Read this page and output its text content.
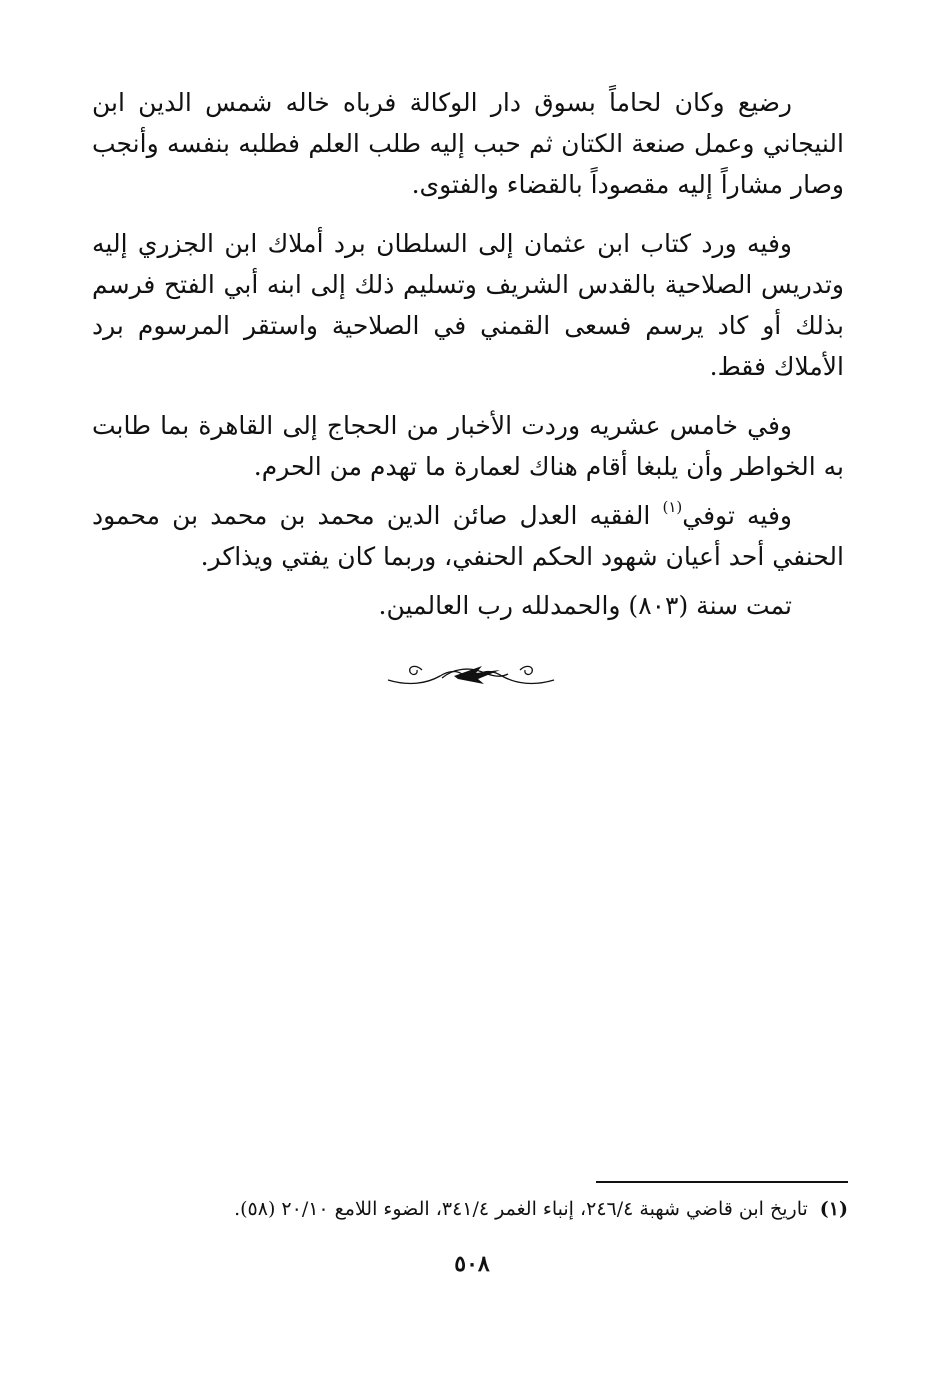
رضيع وكان لحاماً بسوق دار الوكالة فرباه خاله شمس الدين ابن النيجاني وعمل صنعة الكتان ثم حبب إليه طلب العلم فطلبه بنفسه وأنجب وصار مشاراً إليه مقصوداً بالقضاء والفتوى.

وفيه ورد كتاب ابن عثمان إلى السلطان برد أملاك ابن الجزري إليه وتدريس الصلاحية بالقدس الشريف وتسليم ذلك إلى ابنه أبي الفتح فرسم بذلك أو كاد يرسم فسعى القمني في الصلاحية واستقر المرسوم برد الأملاك فقط.

وفي خامس عشريه وردت الأخبار من الحجاج إلى القاهرة بما طابت به الخواطر وأن يلبغا أقام هناك لعمارة ما تهدم من الحرم.

وفيه توفي$^{(١)}$ الفقيه العدل صائن الدين محمد بن محمد بن محمود الحنفي أحد أعيان شهود الحكم الحنفي، وربما كان يفتي ويذاكر.

تمت سنة (٨٠٣) والحمدلله رب العالمين.

(١)تاريخ ابن قاضي شهبة ٢٤٦/٤، إنباء الغمر ٣٤١/٤، الضوء اللامع ٢٠/١٠ (٥٨).
٥٠٨
